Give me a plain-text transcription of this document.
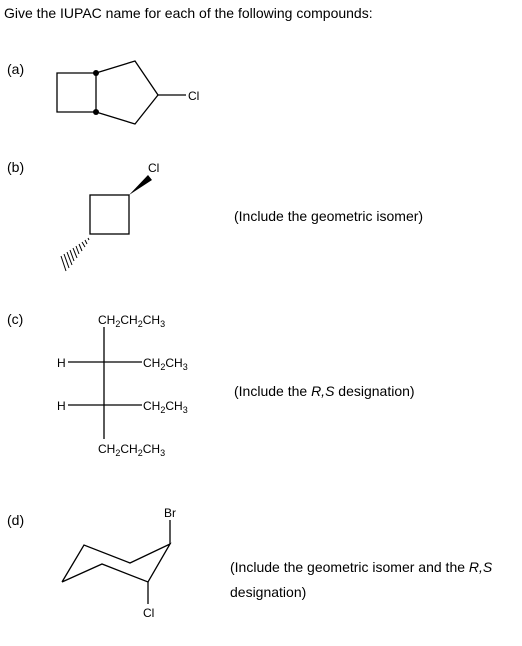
Give the IUPAC name for each of the following compounds:
(a)
(b)
(c)
(d)
(Include the geometric isomer)
(Include the R,S designation)
(Include the geometric isomer and the R,S
designation)
Cl
Cl
H
H
$CH_2CH_2CH_3$
$CH_2CH_3$
$CH_2CH_3$
$CH_2CH_2CH_3$
Br
Cl
